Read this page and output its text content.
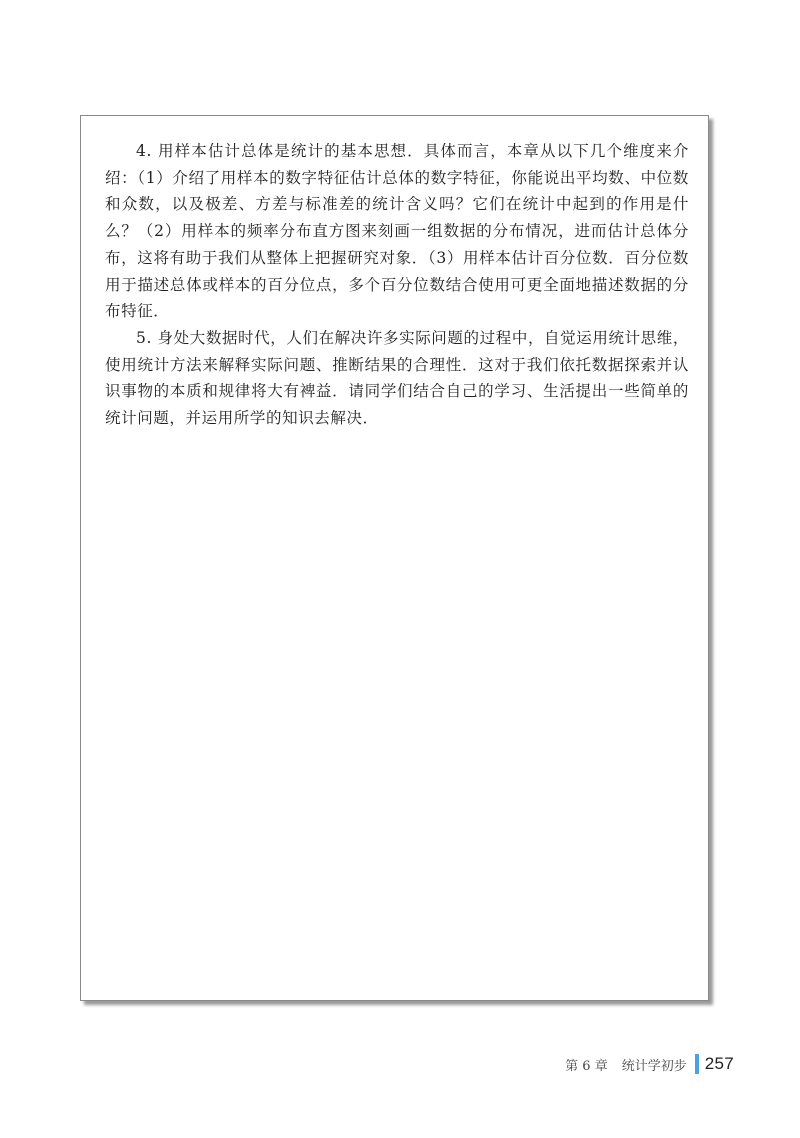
4. 用样本估计总体是统计的基本思想．具体而言，本章从以下几个维度来介绍：（1）介绍了用样本的数字特征估计总体的数字特征，你能说出平均数、中位数和众数，以及极差、方差与标准差的统计含义吗？它们在统计中起到的作用是什么？（2）用样本的频率分布直方图来刻画一组数据的分布情况，进而估计总体分布，这将有助于我们从整体上把握研究对象．（3）用样本估计百分位数．百分位数用于描述总体或样本的百分位点，多个百分位数结合使用可更全面地描述数据的分布特征．

5. 身处大数据时代，人们在解决许多实际问题的过程中，自觉运用统计思维，使用统计方法来解释实际问题、推断结果的合理性．这对于我们依托数据探索并认识事物的本质和规律将大有裨益．请同学们结合自己的学习、生活提出一些简单的统计问题，并运用所学的知识去解决．

第 6 章 统计学初步 257
